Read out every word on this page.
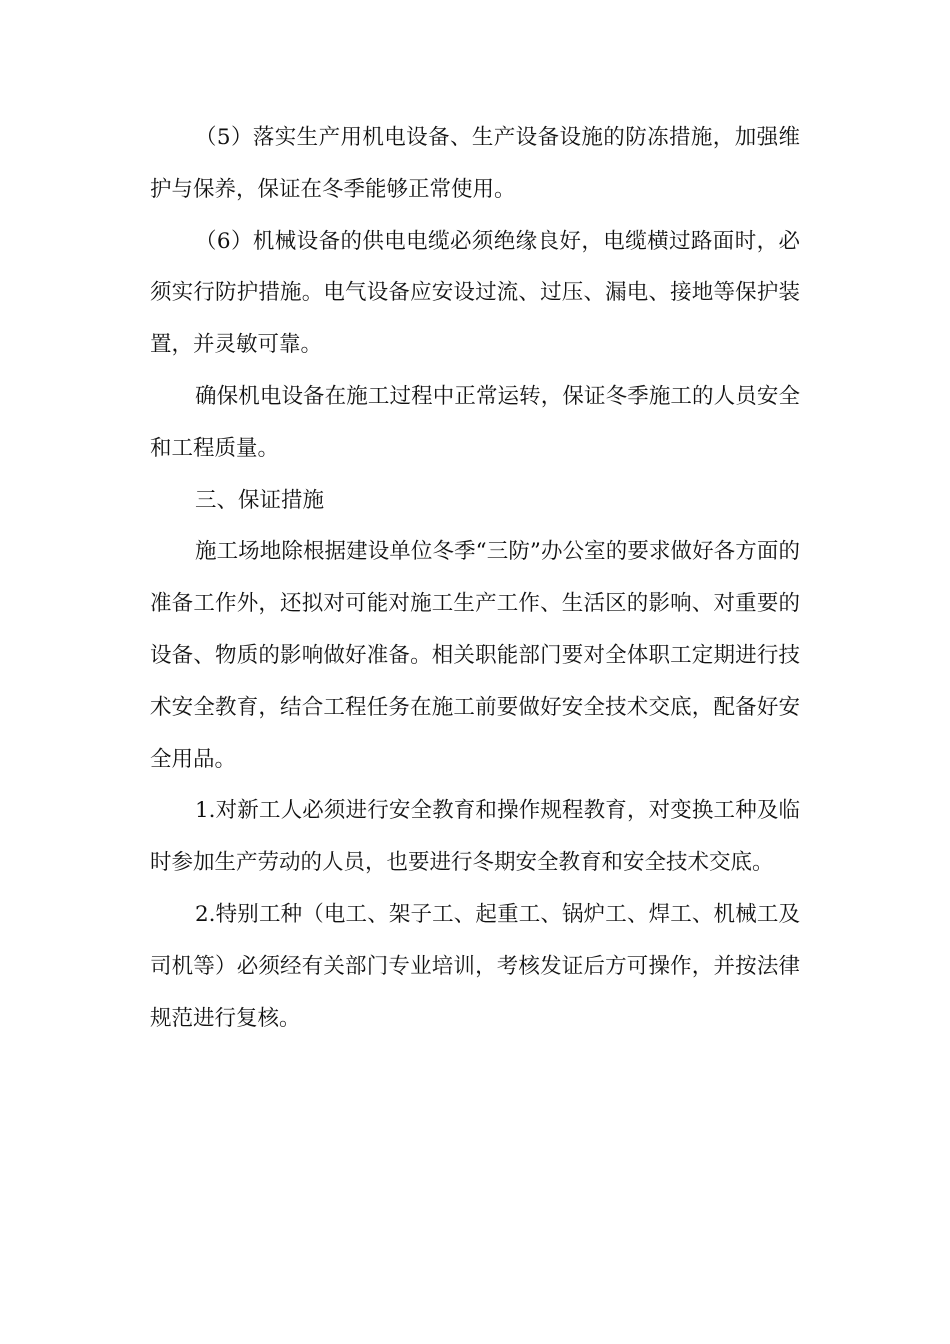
（5）落实生产用机电设备、生产设备设施的防冻措施，加强维护与保养，保证在冬季能够正常使用。

（6）机械设备的供电电缆必须绝缘良好，电缆横过路面时，必须实行防护措施。电气设备应安设过流、过压、漏电、接地等保护装置，并灵敏可靠。

确保机电设备在施工过程中正常运转，保证冬季施工的人员安全和工程质量。

三、保证措施

施工场地除根据建设单位冬季“三防”办公室的要求做好各方面的准备工作外，还拟对可能对施工生产工作、生活区的影响、对重要的设备、物质的影响做好准备。相关职能部门要对全体职工定期进行技术安全教育，结合工程任务在施工前要做好安全技术交底，配备好安全用品。

1.对新工人必须进行安全教育和操作规程教育，对变换工种及临时参加生产劳动的人员，也要进行冬期安全教育和安全技术交底。

2.特别工种（电工、架子工、起重工、锅炉工、焊工、机械工及司机等）必须经有关部门专业培训，考核发证后方可操作，并按法律规范进行复核。
